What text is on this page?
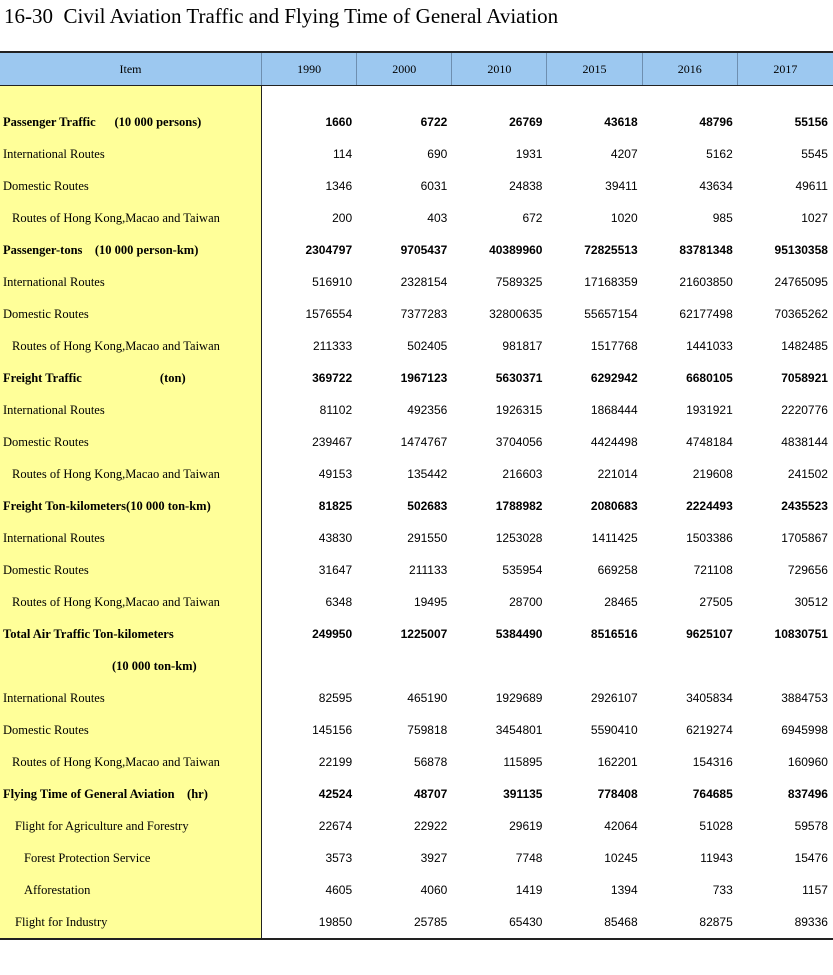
16-30  Civil Aviation Traffic and Flying Time of General Aviation
Item	1990	2000	2010	2015	2016	2017
Passenger Traffic      (10 000 persons)	1660	6722	26769	43618	48796	55156
International Routes	114	690	1931	4207	5162	5545
Domestic Routes	1346	6031	24838	39411	43634	49611
Routes of Hong Kong,Macao and Taiwan	200	403	672	1020	985	1027
Passenger-tons    (10 000 person-km)	2304797	9705437	40389960	72825513	83781348	95130358
International Routes	516910	2328154	7589325	17168359	21603850	24765095
Domestic Routes	1576554	7377283	32800635	55657154	62177498	70365262
Routes of Hong Kong,Macao and Taiwan	211333	502405	981817	1517768	1441033	1482485
Freight Traffic                         (ton)	369722	1967123	5630371	6292942	6680105	7058921
International Routes	81102	492356	1926315	1868444	1931921	2220776
Domestic Routes	239467	1474767	3704056	4424498	4748184	4838144
Routes of Hong Kong,Macao and Taiwan	49153	135442	216603	221014	219608	241502
Freight Ton-kilometers(10 000 ton-km)	81825	502683	1788982	2080683	2224493	2435523
International Routes	43830	291550	1253028	1411425	1503386	1705867
Domestic Routes	31647	211133	535954	669258	721108	729656
Routes of Hong Kong,Macao and Taiwan	6348	19495	28700	28465	27505	30512
Total Air Traffic Ton-kilometers	249950	1225007	5384490	8516516	9625107	10830751
(10 000 ton-km)
International Routes	82595	465190	1929689	2926107	3405834	3884753
Domestic Routes	145156	759818	3454801	5590410	6219274	6945998
Routes of Hong Kong,Macao and Taiwan	22199	56878	115895	162201	154316	160960
Flying Time of General Aviation    (hr)	42524	48707	391135	778408	764685	837496
Flight for Agriculture and Forestry	22674	22922	29619	42064	51028	59578
Forest Protection Service	3573	3927	7748	10245	11943	15476
Afforestation	4605	4060	1419	1394	733	1157
Flight for Industry	19850	25785	65430	85468	82875	89336
